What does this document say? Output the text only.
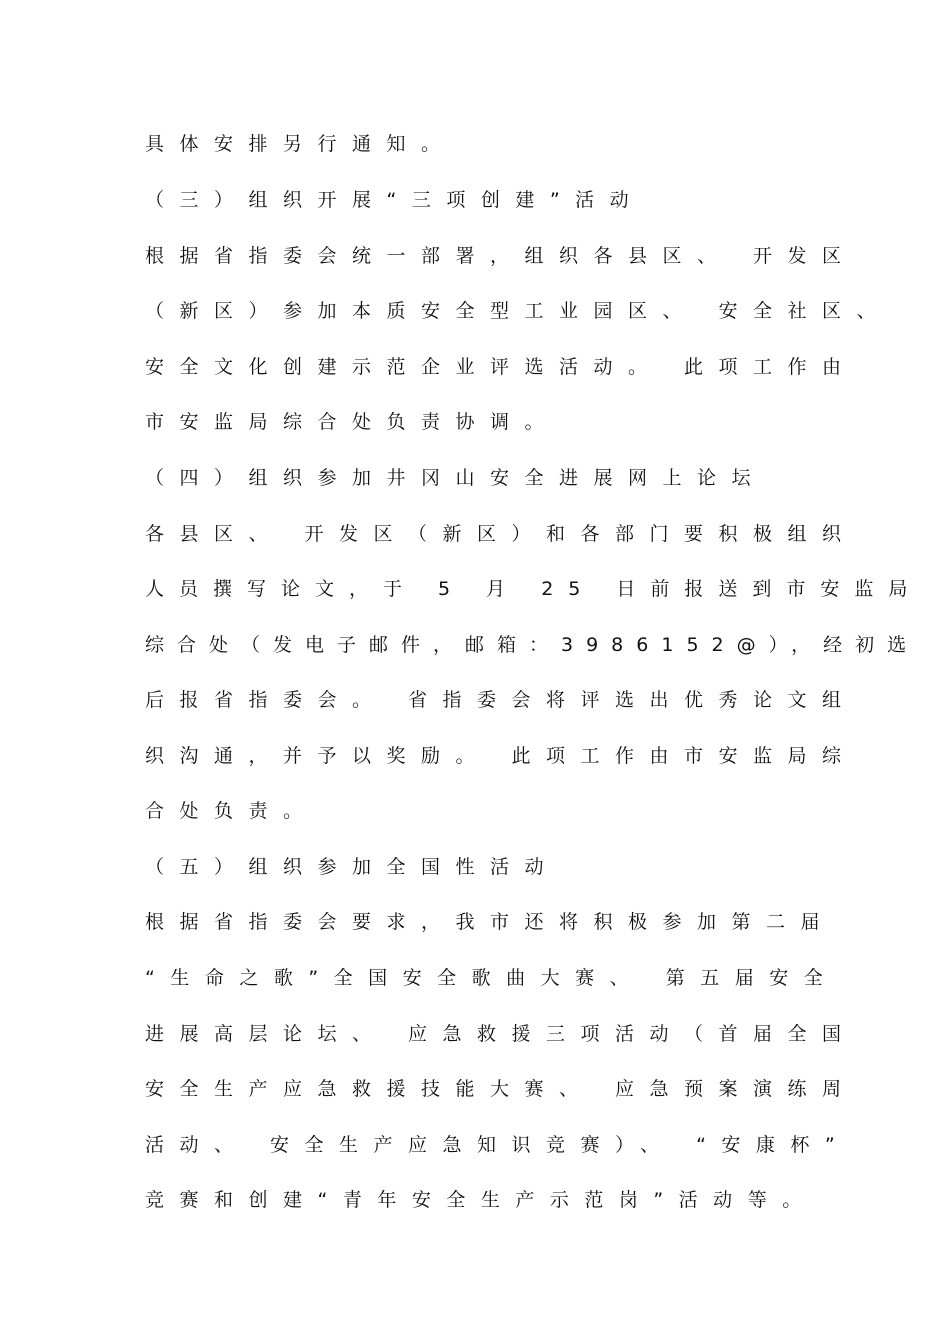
具体安排另行通知。
（三）组织开展“三项创建”活动
根据省指委会统一部署，组织各县区、 开发区
（新区）参加本质安全型工业园区、 安全社区、
安全文化创建示范企业评选活动。 此项工作由
市安监局综合处负责协调。
（四）组织参加井冈山安全进展网上论坛
各县区、 开发区（新区）和各部门要积极组织
人员撰写论文，于 5 月 25 日前报送到市安监局
综合处（发电子邮件，邮箱：3986152@），经初选
后报省指委会。 省指委会将评选出优秀论文组
织沟通，并予以奖励。 此项工作由市安监局综
合处负责。
（五）组织参加全国性活动
根据省指委会要求，我市还将积极参加第二届
“生命之歌”全国安全歌曲大赛、 第五届安全
进展高层论坛、 应急救援三项活动（首届全国
安全生产应急救援技能大赛、 应急预案演练周
活动、 安全生产应急知识竞赛）、 “安康杯”
竞赛和创建“青年安全生产示范岗”活动等。
